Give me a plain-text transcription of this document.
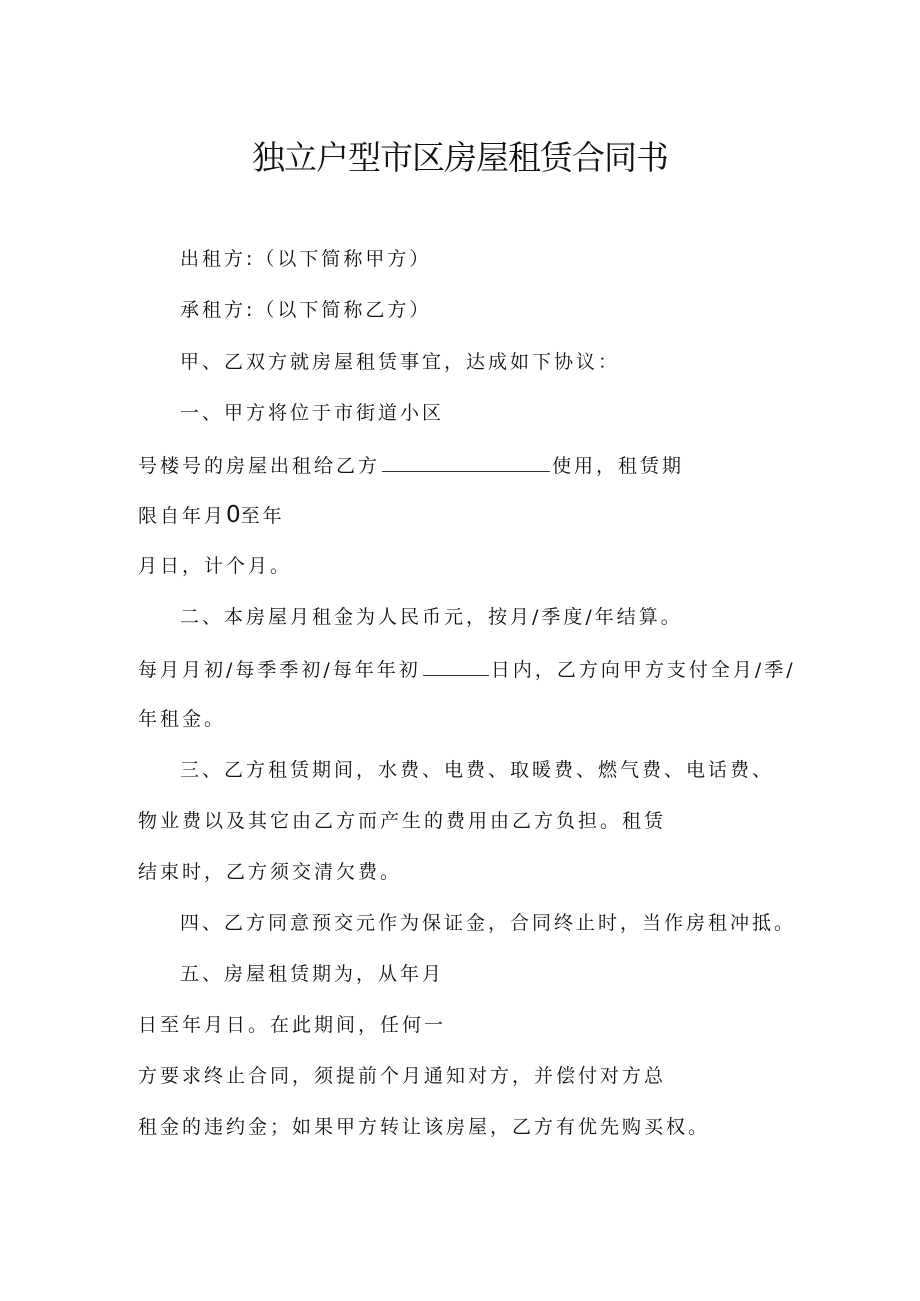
独立户型市区房屋租赁合同书
出租方:（以下简称甲方）
承租方:（以下简称乙方）
甲、乙双方就房屋租赁事宜，达成如下协议：
一、甲方将位于市街道小区
号楼号的房屋出租给乙方	使用，租赁期
限自年月0至年
月日，计个月。
二、本房屋月租金为人民币元，按月/季度/年结算。
每月月初/每季季初/每年年初	日内，乙方向甲方支付全月/季/
年租金。
三、乙方租赁期间，水费、电费、取暖费、燃气费、电话费、
物业费以及其它由乙方而产生的费用由乙方负担。租赁
结束时，乙方须交清欠费。
四、乙方同意预交元作为保证金，合同终止时，当作房租冲抵。
五、房屋租赁期为，从年月
日至年月日。在此期间，任何一
方要求终止合同，须提前个月通知对方，并偿付对方总
租金的违约金；如果甲方转让该房屋，乙方有优先购买权。
